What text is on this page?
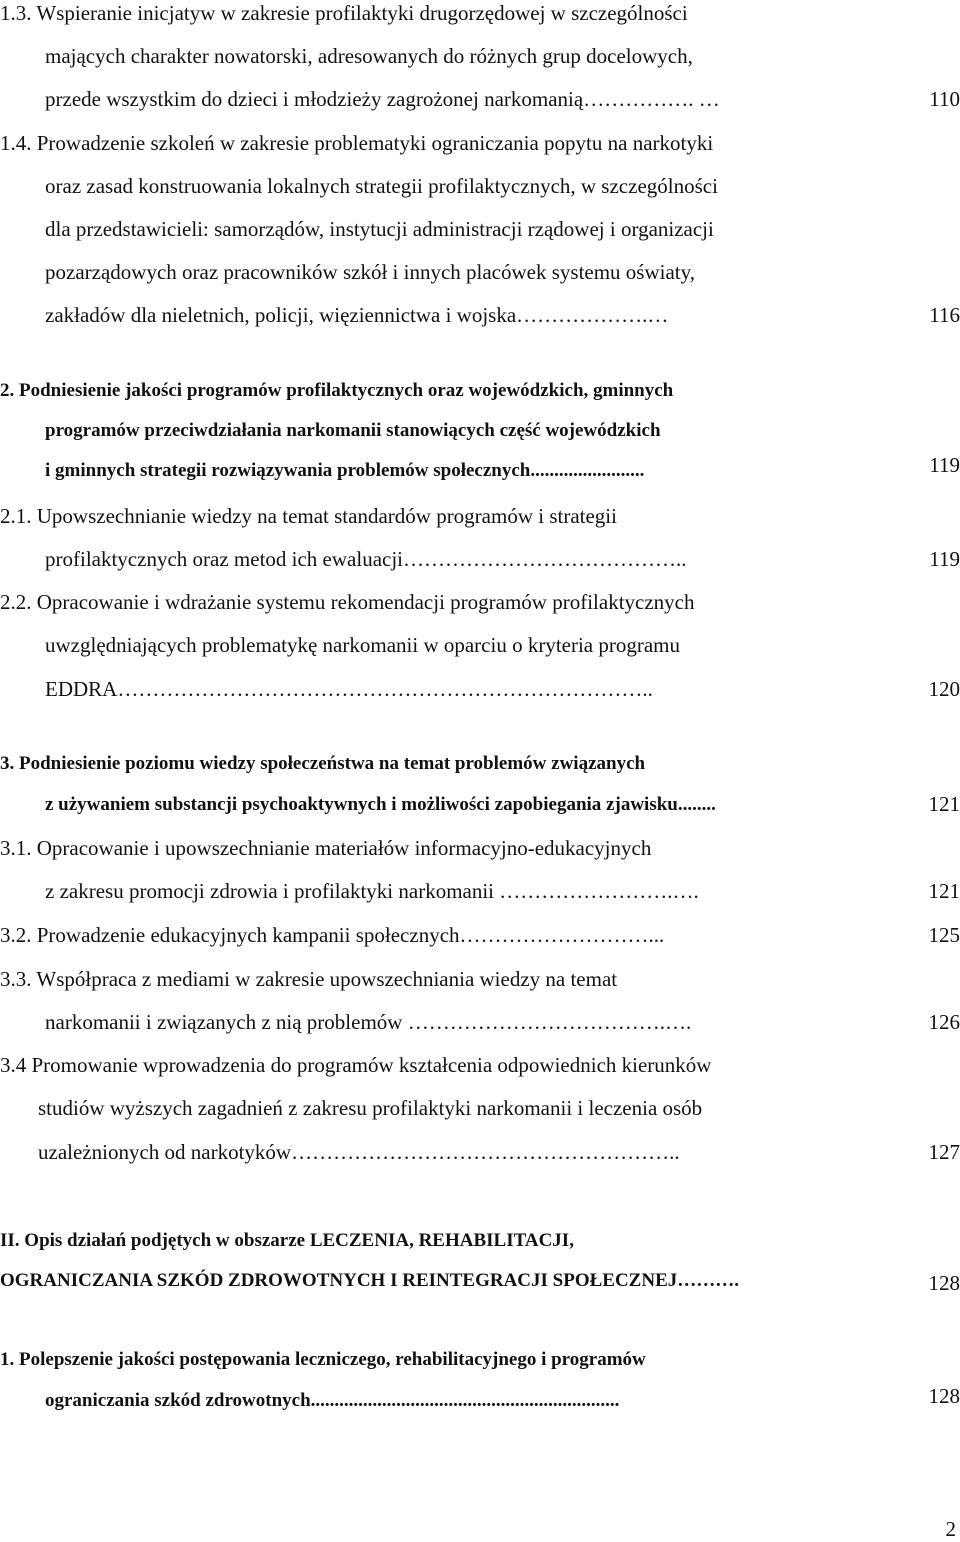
1.3. Wspieranie inicjatyw w zakresie profilaktyki drugorzędowej w szczególności
mających charakter nowatorski, adresowanych do różnych grup docelowych,
przede wszystkim do dzieci i młodzieży zagrożonej narkomanią……………. …	110
1.4. Prowadzenie szkoleń w zakresie problematyki ograniczania popytu na narkotyki
oraz zasad konstruowania lokalnych strategii profilaktycznych, w szczególności
dla przedstawicieli: samorządów, instytucji administracji rządowej i organizacji
pozarządowych oraz pracowników szkół i innych placówek systemu oświaty,
zakładów dla nieletnich, policji, więziennictwa i wojska……………….…	116
2. Podniesienie jakości programów profilaktycznych oraz wojewódzkich, gminnych
programów przeciwdziałania narkomanii stanowiących część wojewódzkich
i gminnych strategii rozwiązywania problemów społecznych........................	119
2.1. Upowszechnianie wiedzy na temat standardów programów i strategii
profilaktycznych oraz metod ich ewaluacji…………………………………..	119
2.2. Opracowanie i wdrażanie systemu rekomendacji programów profilaktycznych
uwzględniających problematykę narkomanii w oparciu o kryteria programu
EDDRA…………………………………………………………………..	120
3. Podniesienie poziomu wiedzy społeczeństwa na temat problemów związanych
z używaniem substancji psychoaktywnych i możliwości zapobiegania zjawisku........	121
3.1. Opracowanie i upowszechnianie materiałów informacyjno-edukacyjnych
z zakresu promocji zdrowia i profilaktyki narkomanii …………………….….	121
3.2. Prowadzenie edukacyjnych kampanii społecznych………………………...	125
3.3. Współpraca z mediami w zakresie upowszechniania wiedzy na temat
narkomanii i związanych z nią problemów ……………………………….….	126
3.4 Promowanie wprowadzenia do programów kształcenia odpowiednich kierunków
studiów wyższych zagadnień z zakresu profilaktyki narkomanii i leczenia osób
uzależnionych od narkotyków………………………………………………..	127
II. Opis działań podjętych w obszarze LECZENIA, REHABILITACJI,
OGRANICZANIA SZKÓD ZDROWOTNYCH I REINTEGRACJI SPOŁECZNEJ……….	128
1. Polepszenie jakości postępowania leczniczego, rehabilitacyjnego i programów
ograniczania szkód zdrowotnych.................................................................	128
2
